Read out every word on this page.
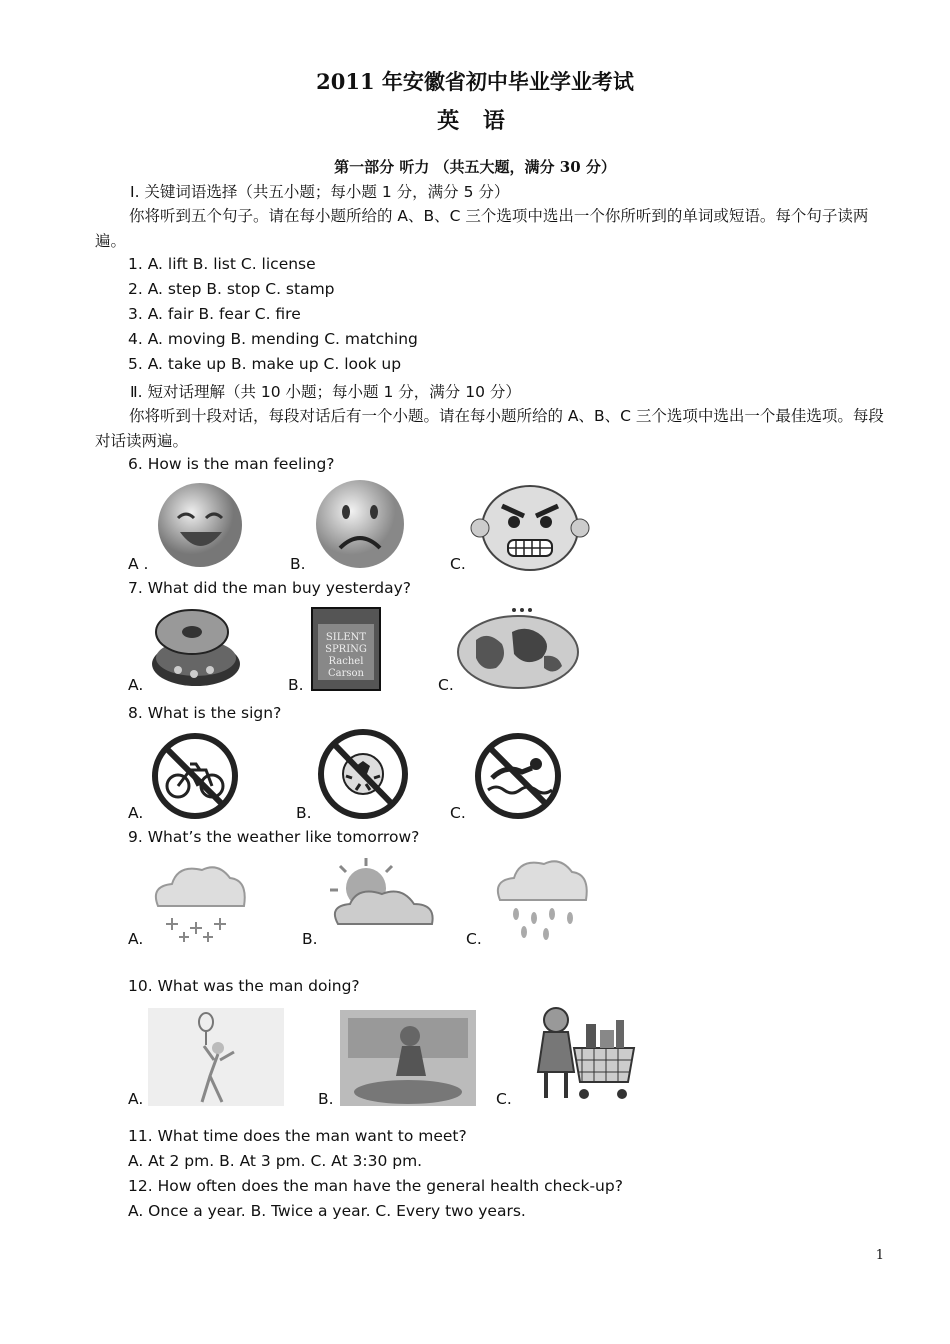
2011 年安徽省初中毕业学业考试
英 语
第一部分 听力 （共五大题，满分 30 分）
Ⅰ. 关键词语选择（共五小题；每小题 1 分，满分 5 分）
你将听到五个句子。请在每小题所给的 A、B、C 三个选项中选出一个你所听到的单词或短语。每个句子读两遍。
1. A. lift B. list C. license
2. A. step B. stop C. stamp
3. A. fair B. fear C. fire
4. A. moving B. mending C. matching
5. A. take up B. make up C. look up
Ⅱ. 短对话理解（共 10 小题；每小题 1 分，满分 10 分）
你将听到十段对话，每段对话后有一个小题。请在每小题所给的 A、B、C 三个选项中选出一个最佳选项。每段对话读两遍。
6. How is the man feeling?
A .	B.	C.
7. What did the man buy yesterday?
SILENT
SPRING
Rachel
Carson
A.	B.	C.
8. What is the sign?
A.	B.	C.
9. What’s the weather like tomorrow?
A.	B.	C.
10. What was the man doing?
A.	B.	C.
11. What time does the man want to meet?
A. At 2 pm. B. At 3 pm. C. At 3:30 pm.
12. How often does the man have the general health check-up?
A. Once a year. B. Twice a year. C. Every two years.
1
